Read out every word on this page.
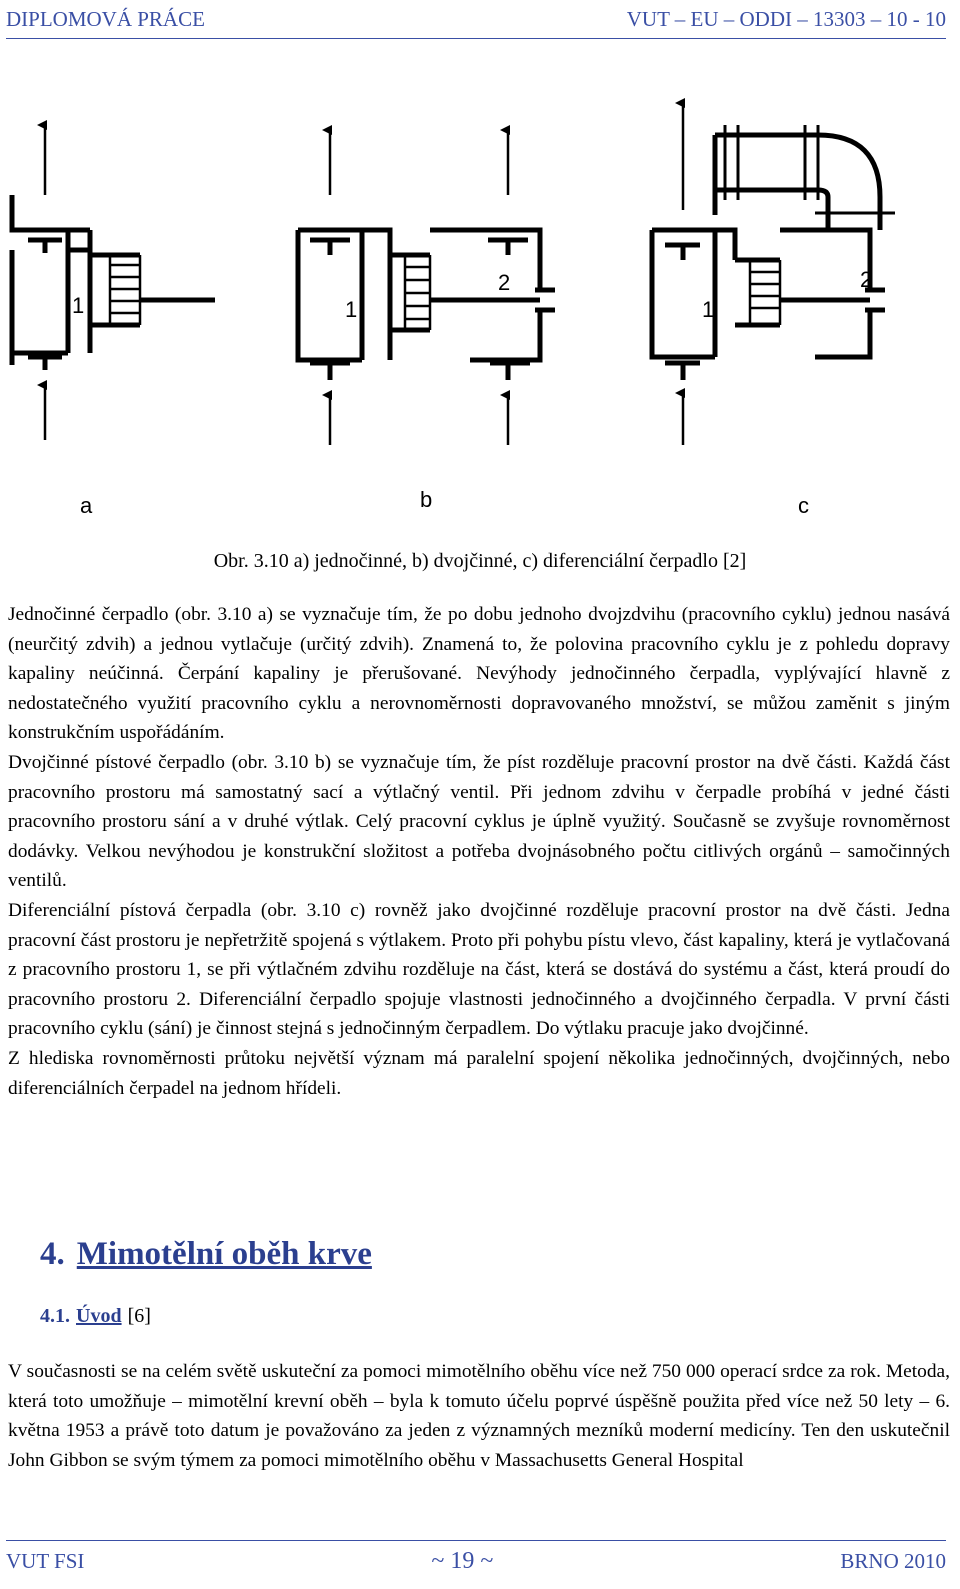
DIPLOMOVÁ PRÁCE	VUT – EU – ODDI – 13303 – 10 - 10
1	1
2
1
2
a	b	c
Obr. 3.10 a) jednočinné, b) dvojčinné, c) diferenciální čerpadlo [2]

Jednočinné čerpadlo (obr. 3.10 a) se vyznačuje tím, že po dobu jednoho dvojzdvihu (pracovního cyklu) jednou nasává (neurčitý zdvih) a jednou vytlačuje (určitý zdvih). Znamená to, že polovina pracovního cyklu je z pohledu dopravy kapaliny neúčinná. Čerpání kapaliny je přerušované. Nevýhody jednočinného čerpadla, vyplývající hlavně z nedostatečného využití pracovního cyklu a nerovnoměrnosti dopravovaného množství, se můžou zaměnit s jiným konstrukčním uspořádáním.

Dvojčinné pístové čerpadlo (obr. 3.10 b) se vyznačuje tím, že píst rozděluje pracovní prostor na dvě části. Každá část pracovního prostoru má samostatný sací a výtlačný ventil. Při jednom zdvihu v čerpadle probíhá v jedné části pracovního prostoru sání a v druhé výtlak. Celý pracovní cyklus je úplně využitý. Současně se zvyšuje rovnoměrnost dodávky. Velkou nevýhodou je konstrukční složitost a potřeba dvojnásobného počtu citlivých orgánů – samočinných ventilů.

Diferenciální pístová čerpadla (obr. 3.10 c) rovněž jako dvojčinné rozděluje pracovní prostor na dvě části. Jedna pracovní část prostoru je nepřetržitě spojená s výtlakem. Proto při pohybu pístu vlevo, část kapaliny, která je vytlačovaná z pracovního prostoru 1, se při výtlačném zdvihu rozděluje na část, která se dostává do systému a část, která proudí do pracovního prostoru 2. Diferenciální čerpadlo spojuje vlastnosti jednočinného a dvojčinného čerpadla. V první části pracovního cyklu (sání) je činnost stejná s jednočinným čerpadlem. Do výtlaku pracuje jako dvojčinné.

Z hlediska rovnoměrnosti průtoku největší význam má paralelní spojení několika jednočinných, dvojčinných, nebo diferenciálních čerpadel na jednom hřídeli.

4. Mimotělní oběh krve
4.1. Úvod [6]

V současnosti se na celém světě uskuteční za pomoci mimotělního oběhu více než 750 000 operací srdce za rok. Metoda, která toto umožňuje – mimotělní krevní oběh – byla k tomuto účelu poprvé úspěšně použita před více než 50 lety – 6. května 1953 a právě toto datum je považováno za jeden z významných mezníků moderní medicíny. Ten den uskutečnil John Gibbon se svým týmem za pomoci mimotělního oběhu v Massachusetts General Hospital

VUT FSI	~ 19 ~	BRNO 2010
